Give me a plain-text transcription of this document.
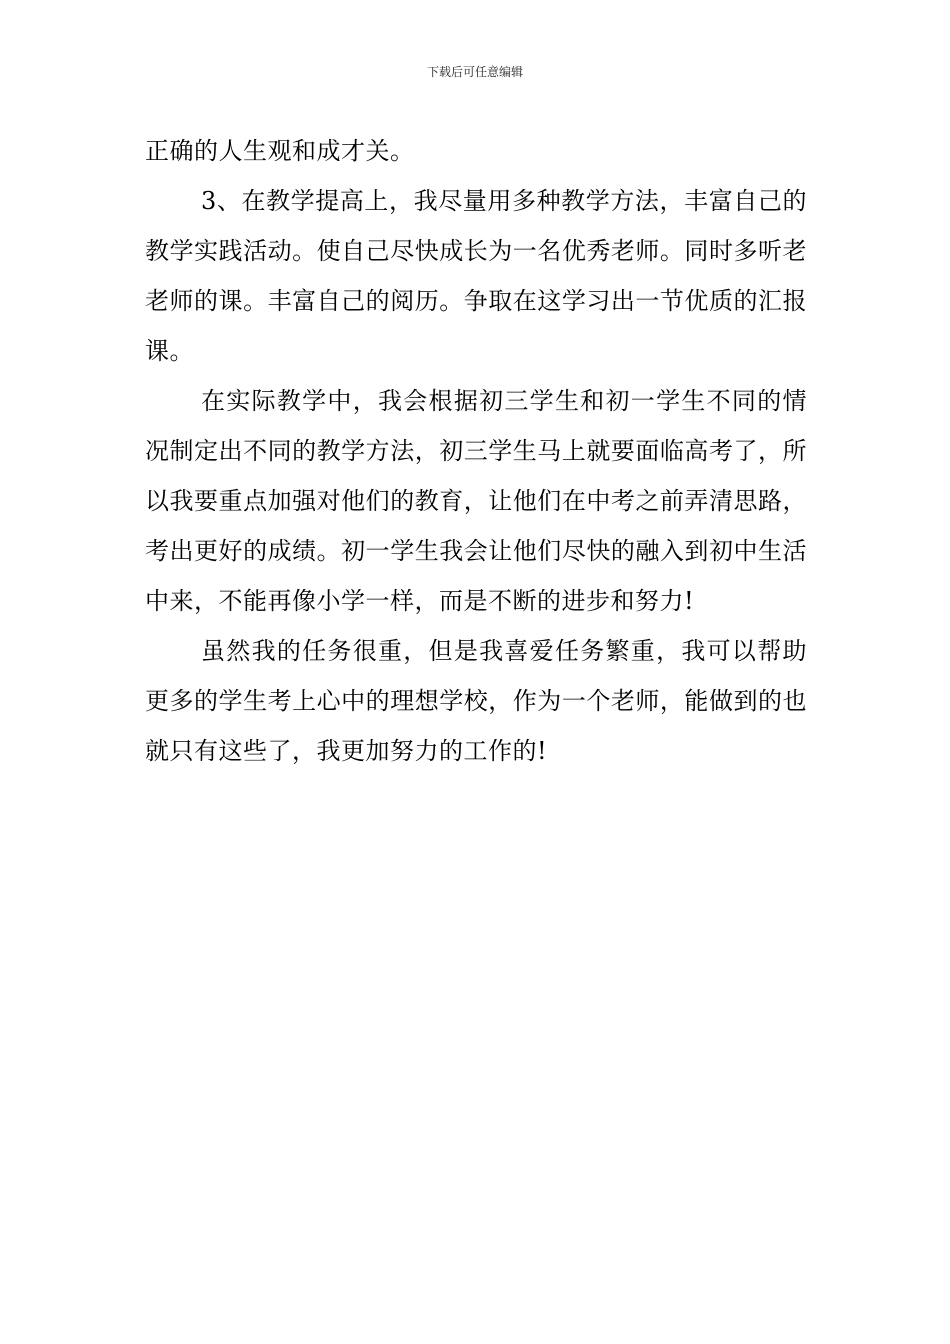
下载后可任意编辑

正确的人生观和成才关。

3、在教学提高上，我尽量用多种教学方法，丰富自己的教学实践活动。使自己尽快成长为一名优秀老师。同时多听老老师的课。丰富自己的阅历。争取在这学习出一节优质的汇报课。

在实际教学中，我会根据初三学生和初一学生不同的情况制定出不同的教学方法，初三学生马上就要面临高考了，所以我要重点加强对他们的教育，让他们在中考之前弄清思路，考出更好的成绩。初一学生我会让他们尽快的融入到初中生活中来，不能再像小学一样，而是不断的进步和努力!

虽然我的任务很重，但是我喜爱任务繁重，我可以帮助更多的学生考上心中的理想学校，作为一个老师，能做到的也就只有这些了，我更加努力的工作的!
